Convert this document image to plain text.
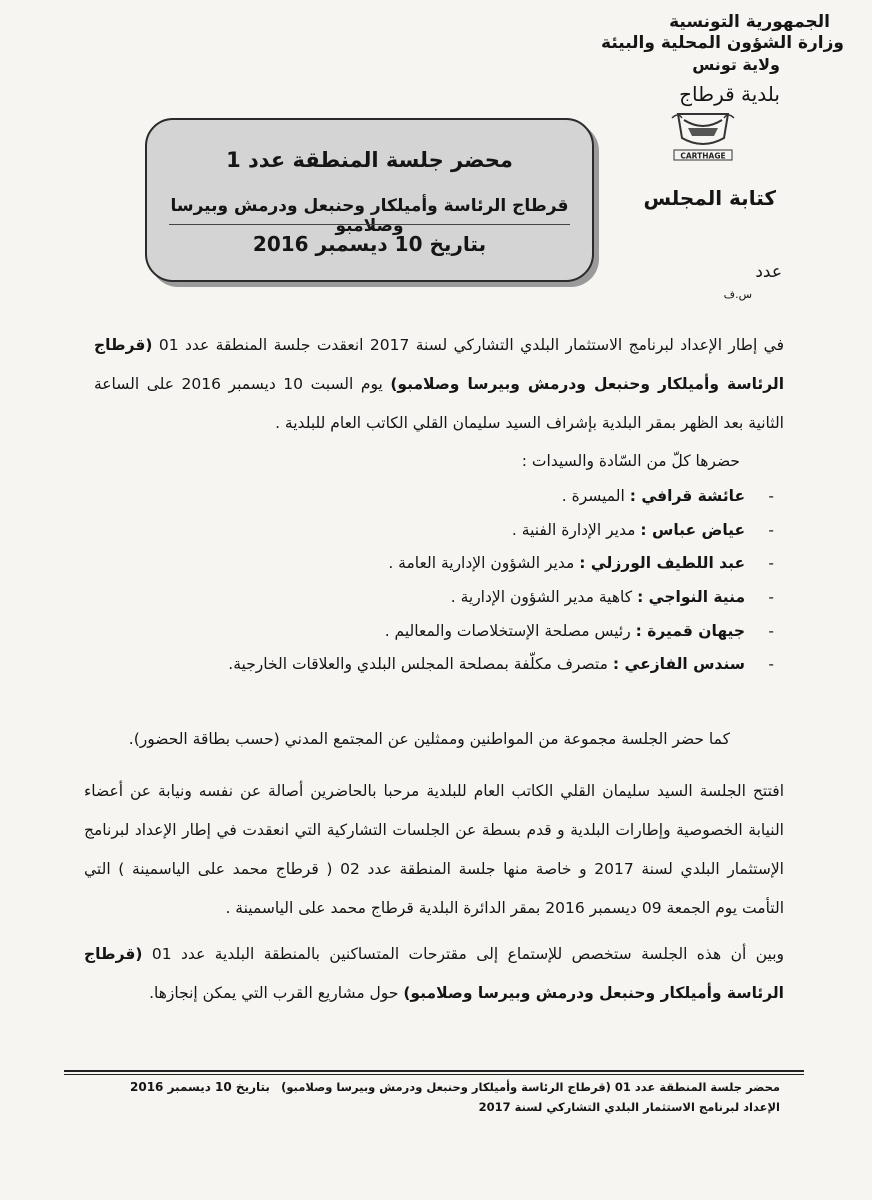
الجمهورية التونسية
وزارة الشؤون المحلية والبيئة
ولاية تونس
بلدية قرطاج
CARTHAGE
كتابة المجلس
عدد
س.ف
محضر جلسة المنطقة عدد 1
قرطاج الرئاسة وأميلكار وحنبعل ودرمش وبيرسا وصلامبو
بتاريخ 10 ديسمبر 2016
في إطار الإعداد لبرنامج الاستثمار البلدي التشاركي لسنة 2017 انعقدت جلسة المنطقة عدد 01 (قرطاج الرئاسة وأميلكار وحنبعل ودرمش وبيرسا وصلامبو) يوم السبت 10 ديسمبر 2016 على الساعة الثانية بعد الظهر بمقر البلدية بإشراف السيد سليمان القلي الكاتب العام للبلدية .
حضرها كلّ من السّادة والسيدات :
- عائشة قرافي : الميسرة .
- عياض عباس : مدير الإدارة الفنية .
- عبد اللطيف الورزلي : مدير الشؤون الإدارية العامة .
- منية النواجي : كاهية مدير الشؤون الإدارية .
- جيهان قميرة : رئيس مصلحة الإستخلاصات والمعاليم .
- سندس الفازعي : متصرف مكلّفة بمصلحة المجلس البلدي والعلاقات الخارجية.
كما حضر الجلسة مجموعة من المواطنين وممثلين عن المجتمع المدني (حسب بطاقة الحضور).
افتتح الجلسة السيد سليمان القلي الكاتب العام للبلدية مرحبا بالحاضرين أصالة عن نفسه ونيابة عن أعضاء النيابة الخصوصية وإطارات البلدية و قدم بسطة عن الجلسات التشاركية التي انعقدت في إطار الإعداد لبرنامج الإستثمار البلدي لسنة 2017 و خاصة منها جلسة المنطقة عدد 02 ( قرطاج محمد على الياسمينة ) التي التأمت يوم الجمعة 09 ديسمبر 2016 بمقر الدائرة البلدية قرطاج محمد على الياسمينة .
وبين أن هذه الجلسة ستخصص للإستماع إلى مقترحات المتساكنين بالمنطقة البلدية عدد 01 (قرطاج الرئاسة وأميلكار وحنبعل ودرمش وبيرسا وصلامبو) حول مشاريع القرب التي يمكن إنجازها.
بتاريخ 10 ديسمبر 2016 محضر جلسة المنطقة عدد 01 (قرطاج الرئاسة وأميلكار وحنبعل ودرمش وبيرسا وصلامبو)
الإعداد لبرنامج الاستثمار البلدي التشاركي لسنة 2017
